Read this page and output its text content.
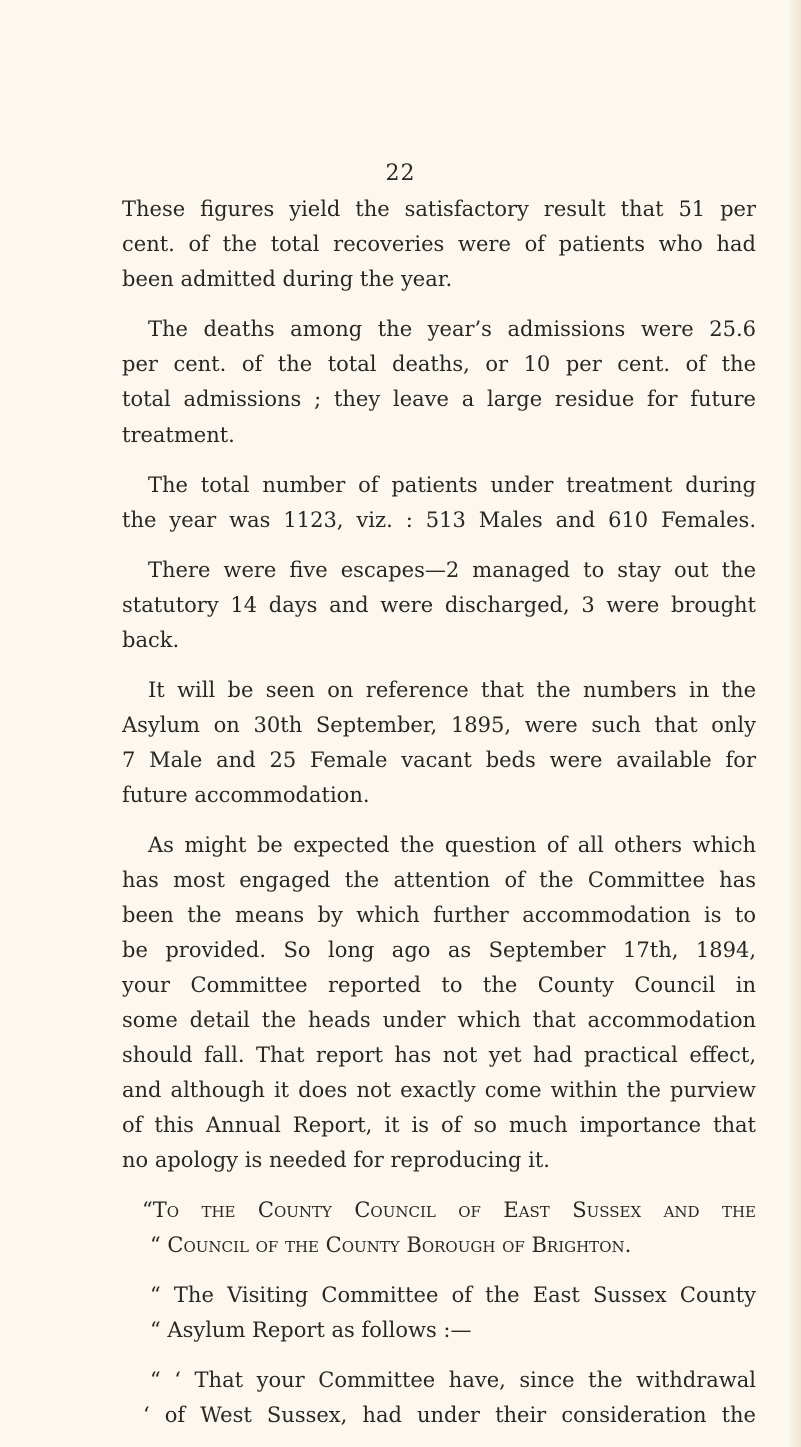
22
These figures yield the satisfactory result that 51 per
cent. of the total recoveries were of patients who had
been admitted during the year.
The deaths among the year’s admissions were 25.6
per cent. of the total deaths, or 10 per cent. of the
total admissions ; they leave a large residue for future
treatment.
The total number of patients under treatment during
the year was 1123, viz. : 513 Males and 610 Females.
There were five escapes—2 managed to stay out the
statutory 14 days and were discharged, 3 were brought
back.
It will be seen on reference that the numbers in the
Asylum on 30th September, 1895, were such that only
7 Male and 25 Female vacant beds were available for
future accommodation.
As might be expected the question of all others which
has most engaged the attention of the Committee has
been the means by which further accommodation is to
be provided. So long ago as September 17th, 1894,
your Committee reported to the County Council in
some detail the heads under which that accommodation
should fall. That report has not yet had practical effect,
and although it does not exactly come within the purview
of this Annual Report, it is of so much importance that
no apology is needed for reproducing it.
“To the County Council of East Sussex and the
“ Council of the County Borough of Brighton.
“ The Visiting Committee of the East Sussex County
“ Asylum Report as follows :—
“ ‘ That your Committee have, since the withdrawal
‘ of West Sussex, had under their consideration the
